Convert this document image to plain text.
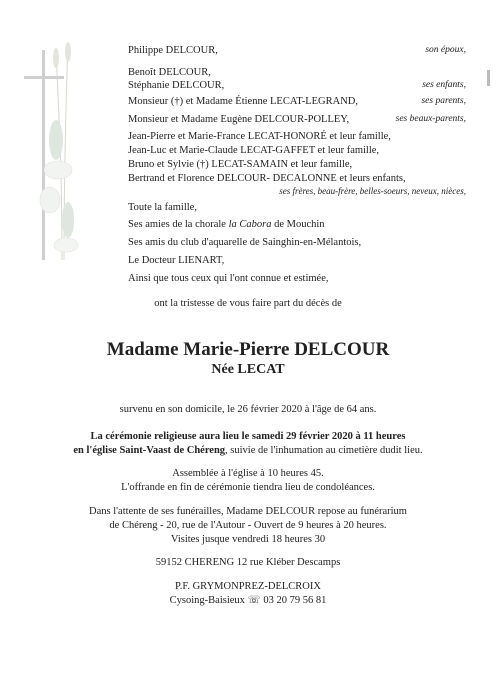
Philippe DELCOUR,	son époux,
Benoît DELCOUR,
Stéphanie DELCOUR,	ses enfants,
Monsieur (†) et Madame Étienne LECAT-LEGRAND,	ses parents,
Monsieur et Madame Eugène DELCOUR-POLLEY,	ses beaux-parents,
Jean-Pierre et Marie-France LECAT-HONORÉ et leur famille,
Jean-Luc et Marie-Claude LECAT-GAFFET et leur famille,
Bruno et Sylvie (†) LECAT-SAMAIN et leur famille,
Bertrand et Florence DELCOUR- DECALONNE et leurs enfants,
ses frères, beau-frère, belles-soeurs, neveux, nièces,
Toute la famille,
Ses amies de la chorale la Cabora de Mouchin
Ses amis du club d'aquarelle de Sainghin-en-Mélantois,
Le Docteur LIENART,
Ainsi que tous ceux qui l'ont connue et estimée,
ont la tristesse de vous faire part du décès de
Madame Marie-Pierre DELCOUR
Née LECAT
survenu en son domicile, le 26 février 2020 à l'âge de 64 ans.
La cérémonie religieuse aura lieu le samedi 29 février 2020 à 11 heures
en l'église Saint-Vaast de Chéreng, suivie de l'inhumation au cimetière dudit lieu.
Assemblée à l'église à 10 heures 45.
L'offrande en fin de cérémonie tiendra lieu de condoléances.
Dans l'attente de ses funérailles, Madame DELCOUR repose au funérarium
de Chéreng - 20, rue de l'Autour - Ouvert de 9 heures à 20 heures.
Visites jusque vendredi 18 heures 30
59152 CHERENG 12 rue Kléber Descamps
P.F. GRYMONPREZ-DELCROIX
Cysoing-Baisieux ☏ 03 20 79 56 81
